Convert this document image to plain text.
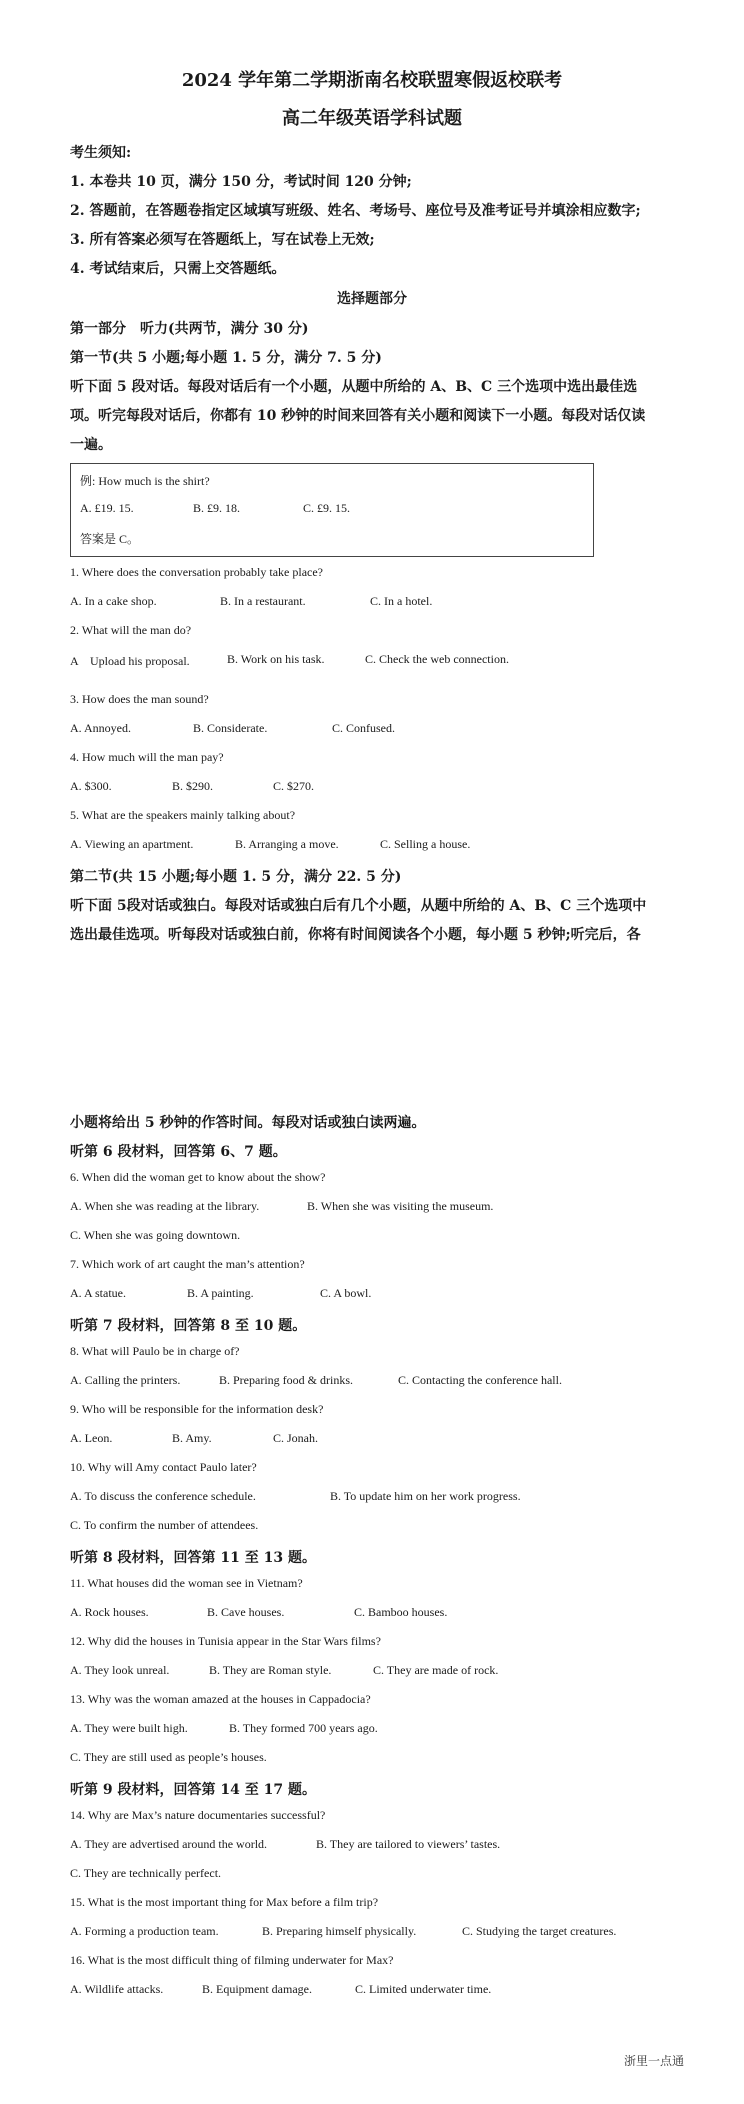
2024 学年第二学期浙南名校联盟寒假返校联考
高二年级英语学科试题
考生须知:
1. 本卷共 10 页，满分 150 分，考试时间 120 分钟;
2. 答题前，在答题卷指定区域填写班级、姓名、考场号、座位号及准考证号并填涂相应数字;
3. 所有答案必须写在答题纸上，写在试卷上无效;
4. 考试结束后，只需上交答题纸。
选择题部分
第一部分　听力(共两节，满分 30 分)
第一节(共 5 小题;每小题 1. 5 分，满分 7. 5 分)
听下面 5 段对话。每段对话后有一个小题，从题中所给的 A、B、C 三个选项中选出最佳选
项。听完每段对话后，你都有 10 秒钟的时间来回答有关小题和阅读下一小题。每段对话仅读
一遍。
例: How much is the shirt?
A. £19. 15.	B. £9. 18.	C. £9. 15.
答案是 C。
1. Where does the conversation probably take place?
A. In a cake shop.	B. In a restaurant.	C. In a hotel.
2. What will the man do?
A　Upload his proposal.	B. Work on his task.	C. Check the web connection.
3. How does the man sound?
A. Annoyed.	B. Considerate.	C. Confused.
4. How much will the man pay?
A. $300.	B. $290.	C. $270.
5. What are the speakers mainly talking about?
A. Viewing an apartment.	B. Arranging a move.	C. Selling a house.
第二节(共 15 小题;每小题 1. 5 分，满分 22. 5 分)
听下面 5段对话或独白。每段对话或独白后有几个小题，从题中所给的 A、B、C 三个选项中
选出最佳选项。听每段对话或独白前，你将有时间阅读各个小题，每小题 5 秒钟;听完后，各
小题将给出 5 秒钟的作答时间。每段对话或独白读两遍。
听第 6 段材料，回答第 6、7 题。
6. When did the woman get to know about the show?
A. When she was reading at the library.	B. When she was visiting the museum.
C. When she was going downtown.
7. Which work of art caught the man’s attention?
A. A statue.	B. A painting.	C. A bowl.
听第 7 段材料，回答第 8 至 10 题。
8. What will Paulo be in charge of?
A. Calling the printers.	B. Preparing food & drinks.	C. Contacting the conference hall.
9. Who will be responsible for the information desk?
A. Leon.	B. Amy.	C. Jonah.
10. Why will Amy contact Paulo later?
A. To discuss the conference schedule.	B. To update him on her work progress.
C. To confirm the number of attendees.
听第 8 段材料，回答第 11 至 13 题。
11. What houses did the woman see in Vietnam?
A. Rock houses.	B. Cave houses.	C. Bamboo houses.
12. Why did the houses in Tunisia appear in the Star Wars films?
A. They look unreal.	B. They are Roman style.	C. They are made of rock.
13. Why was the woman amazed at the houses in Cappadocia?
A. They were built high.	B. They formed 700 years ago.
C. They are still used as people’s houses.
听第 9 段材料，回答第 14 至 17 题。
14. Why are Max’s nature documentaries successful?
A. They are advertised around the world.	B. They are tailored to viewers’ tastes.
C. They are technically perfect.
15. What is the most important thing for Max before a film trip?
A. Forming a production team.	B. Preparing himself physically.	C. Studying the target creatures.
16. What is the most difficult thing of filming underwater for Max?
A. Wildlife attacks.	B. Equipment damage.	C. Limited underwater time.
浙里一点通
